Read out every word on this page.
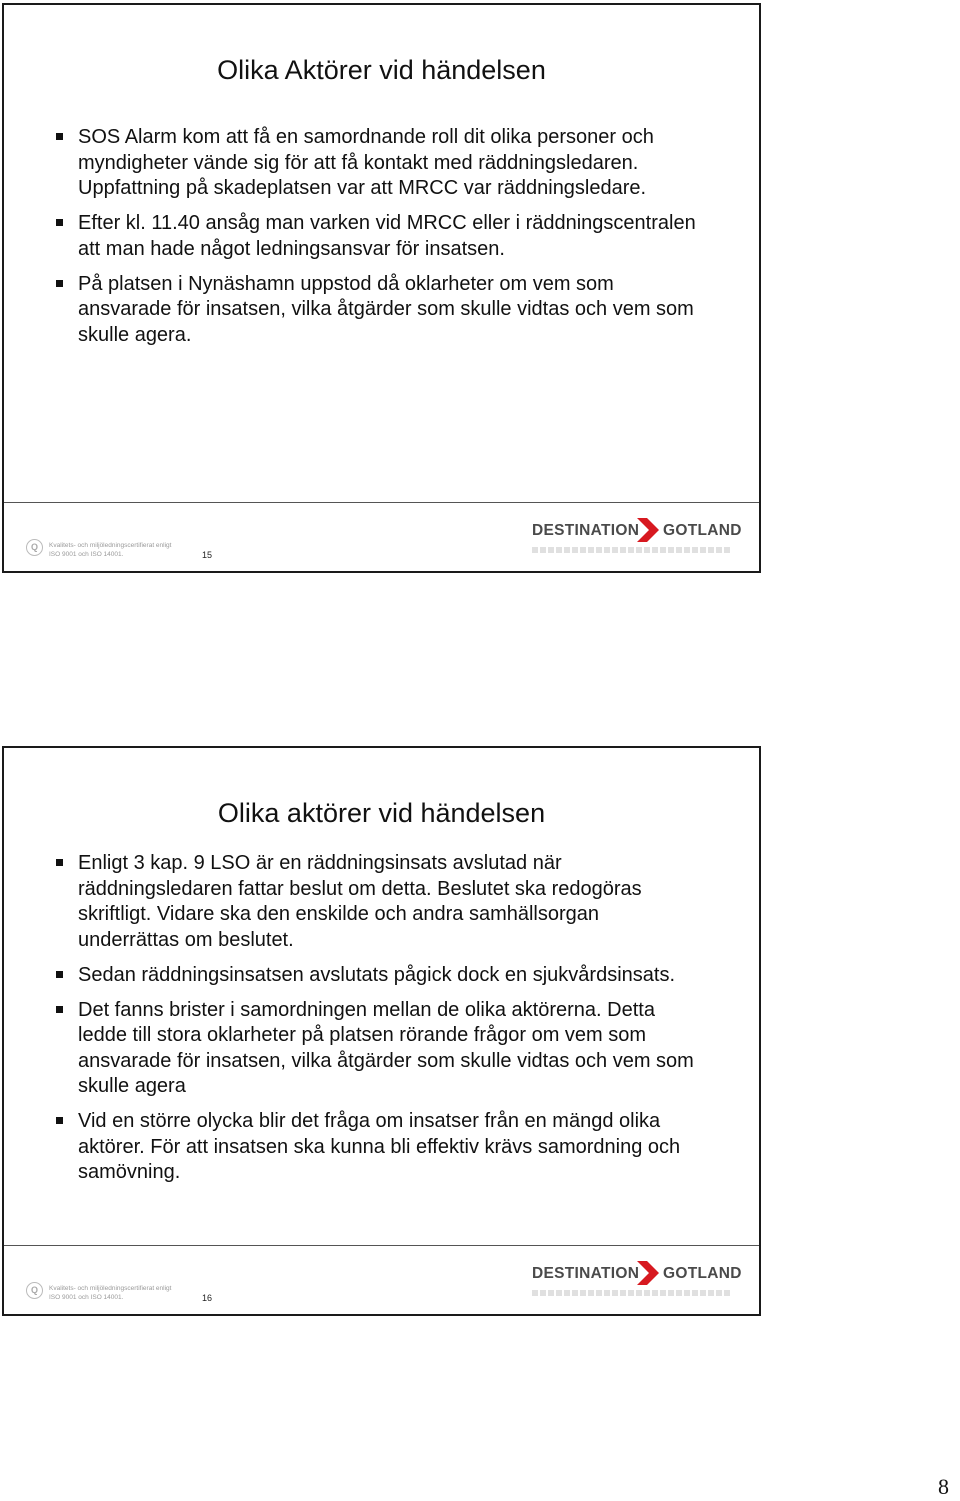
Olika Aktörer vid händelsen
SOS Alarm kom att få en samordnande roll dit olika personer och myndigheter vände sig för att få kontakt med räddningsledaren. Uppfattning på skadeplatsen var att MRCC var räddningsledare.
Efter kl. 11.40 ansåg man varken vid MRCC eller i räddningscentralen att man hade något ledningsansvar för insatsen.
På platsen i Nynäshamn uppstod då oklarheter om vem som ansvarade för insatsen, vilka åtgärder som skulle vidtas och vem som skulle agera.
Q	Kvalitets- och miljöledningscertifierat enligt
ISO 9001 och ISO 14001.	15
DESTINATION GOTLAND
Olika aktörer vid händelsen
Enligt 3 kap. 9 LSO är en räddningsinsats avslutad när räddningsledaren fattar beslut om detta. Beslutet ska redogöras skriftligt. Vidare ska den enskilde och andra samhällsorgan underrättas om beslutet.
Sedan räddningsinsatsen avslutats pågick dock en sjukvårdsinsats.
Det fanns brister i samordningen mellan de olika aktörerna. Detta ledde till stora oklarheter på platsen rörande frågor om vem som ansvarade för insatsen, vilka åtgärder som skulle vidtas och vem som skulle agera
Vid en större olycka blir det fråga om insatser från en mängd olika aktörer. För att insatsen ska kunna bli effektiv krävs samordning och samövning.
Q	Kvalitets- och miljöledningscertifierat enligt
ISO 9001 och ISO 14001.	16
DESTINATION GOTLAND
8
